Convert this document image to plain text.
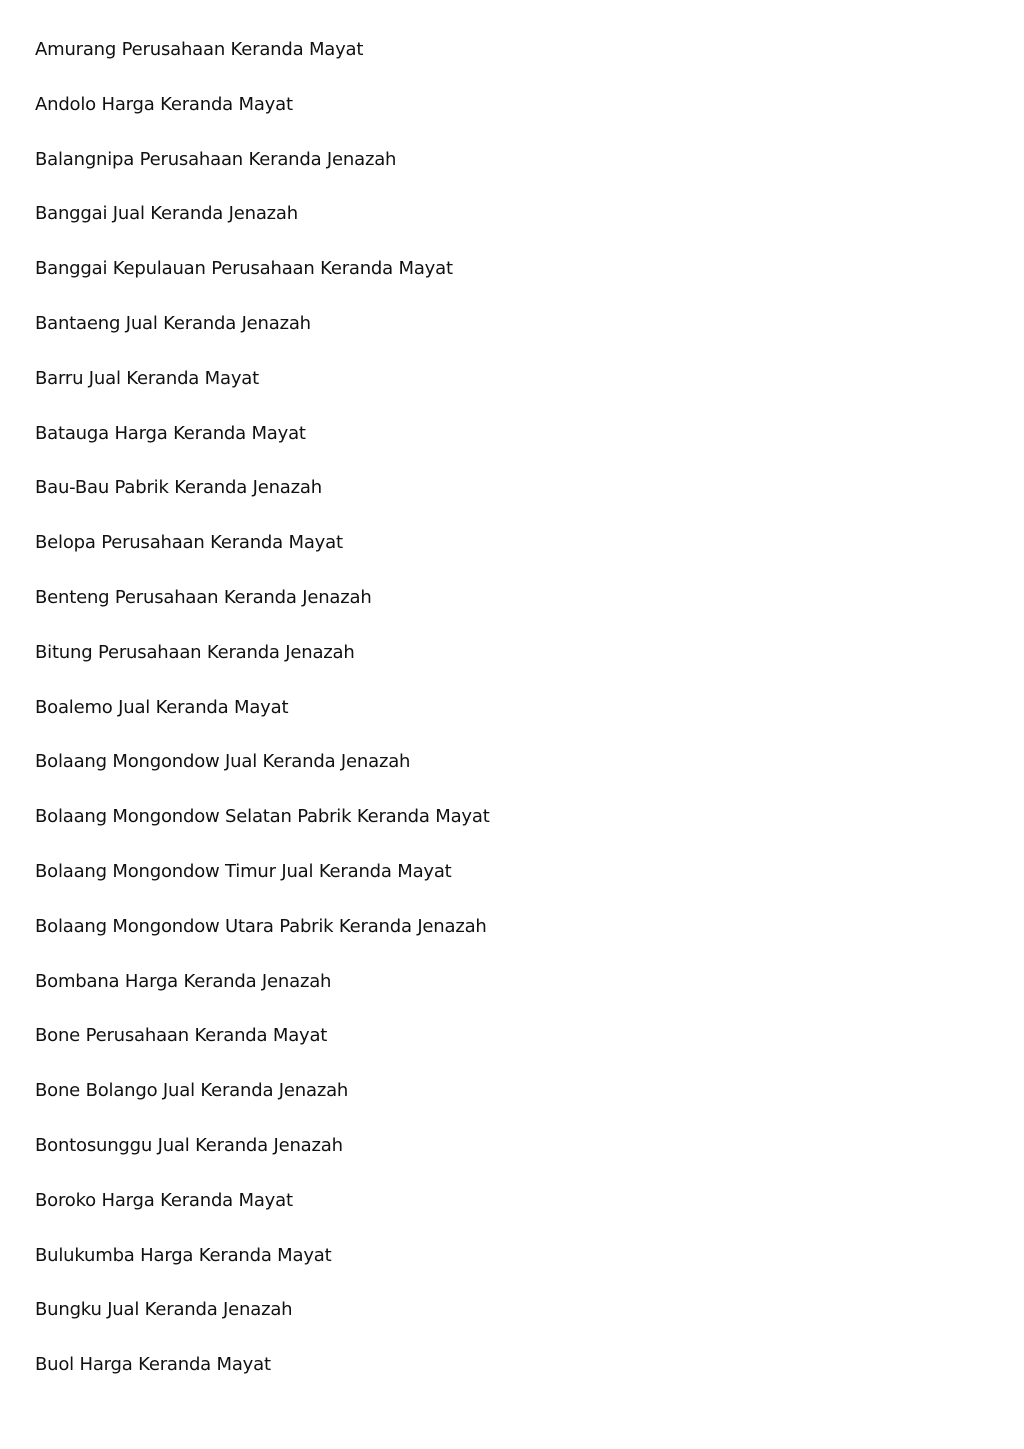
Amurang Perusahaan Keranda Mayat
Andolo Harga Keranda Mayat
Balangnipa Perusahaan Keranda Jenazah
Banggai Jual Keranda Jenazah
Banggai Kepulauan Perusahaan Keranda Mayat
Bantaeng Jual Keranda Jenazah
Barru Jual Keranda Mayat
Batauga Harga Keranda Mayat
Bau-Bau Pabrik Keranda Jenazah
Belopa Perusahaan Keranda Mayat
Benteng Perusahaan Keranda Jenazah
Bitung Perusahaan Keranda Jenazah
Boalemo Jual Keranda Mayat
Bolaang Mongondow Jual Keranda Jenazah
Bolaang Mongondow Selatan Pabrik Keranda Mayat
Bolaang Mongondow Timur Jual Keranda Mayat
Bolaang Mongondow Utara Pabrik Keranda Jenazah
Bombana Harga Keranda Jenazah
Bone Perusahaan Keranda Mayat
Bone Bolango Jual Keranda Jenazah
Bontosunggu Jual Keranda Jenazah
Boroko Harga Keranda Mayat
Bulukumba Harga Keranda Mayat
Bungku Jual Keranda Jenazah
Buol Harga Keranda Mayat
